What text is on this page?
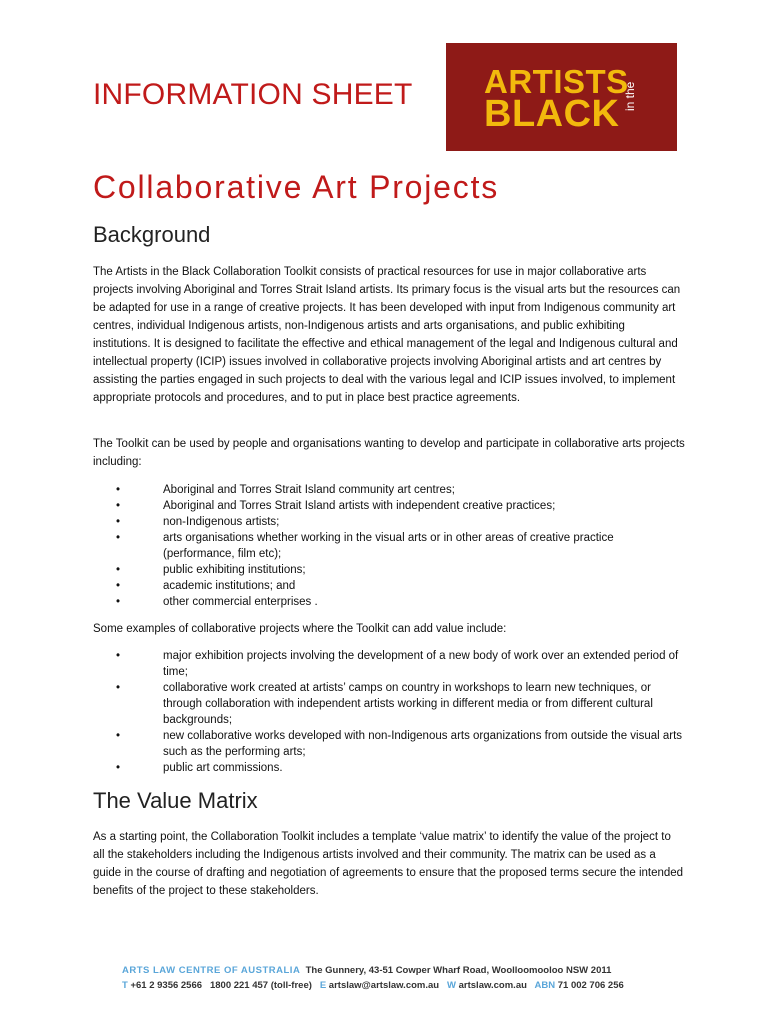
INFORMATION SHEET ARTISTS
BLACK in the
Collaborative Art Projects
Background

The Artists in the Black Collaboration Toolkit consists of practical resources for use in major collaborative arts projects involving Aboriginal and Torres Strait Island artists. Its primary focus is the visual arts but the resources can be adapted for use in a range of creative projects. It has been developed with input from Indigenous community art centres, individual Indigenous artists, non-Indigenous artists and arts organisations, and public exhibiting institutions. It is designed to facilitate the effective and ethical management of the legal and Indigenous cultural and intellectual property (ICIP) issues involved in collaborative projects involving Aboriginal artists and art centres by assisting the parties engaged in such projects to deal with the various legal and ICIP issues involved, to implement appropriate protocols and procedures, and to put in place best practice agreements.

The Toolkit can be used by people and organisations wanting to develop and participate in collaborative arts projects including:

•	Aboriginal and Torres Strait Island community art centres;
•	Aboriginal and Torres Strait Island artists with independent creative practices;
•	non-Indigenous artists;
•	arts organisations whether working in the visual arts or in other areas of creative practice (performance, film etc);
•	public exhibiting institutions;
•	academic institutions; and
•	other commercial enterprises .

Some examples of collaborative projects where the Toolkit can add value include:

•	major exhibition projects involving the development of a new body of work over an extended period of time;
•	collaborative work created at artists’ camps on country in workshops to learn new techniques, or through collaboration with independent artists working in different media or from different cultural backgrounds;
•	new collaborative works developed with non-Indigenous arts organizations from outside the visual arts such as the performing arts;
•	public art commissions.
The Value Matrix

As a starting point, the Collaboration Toolkit includes a template ‘value matrix’ to identify the value of the project to all the stakeholders including the Indigenous artists involved and their community. The matrix can be used as a guide in the course of drafting and negotiation of agreements to ensure that the proposed terms secure the intended benefits of the project to these stakeholders.

ARTS LAW CENTRE OF AUSTRALIA The Gunnery, 43-51 Cowper Wharf Road, Woolloomooloo NSW 2011
T +61 2 9356 2566 1800 221 457 (toll-free) E artslaw@artslaw.com.au W artslaw.com.au ABN 71 002 706 256
